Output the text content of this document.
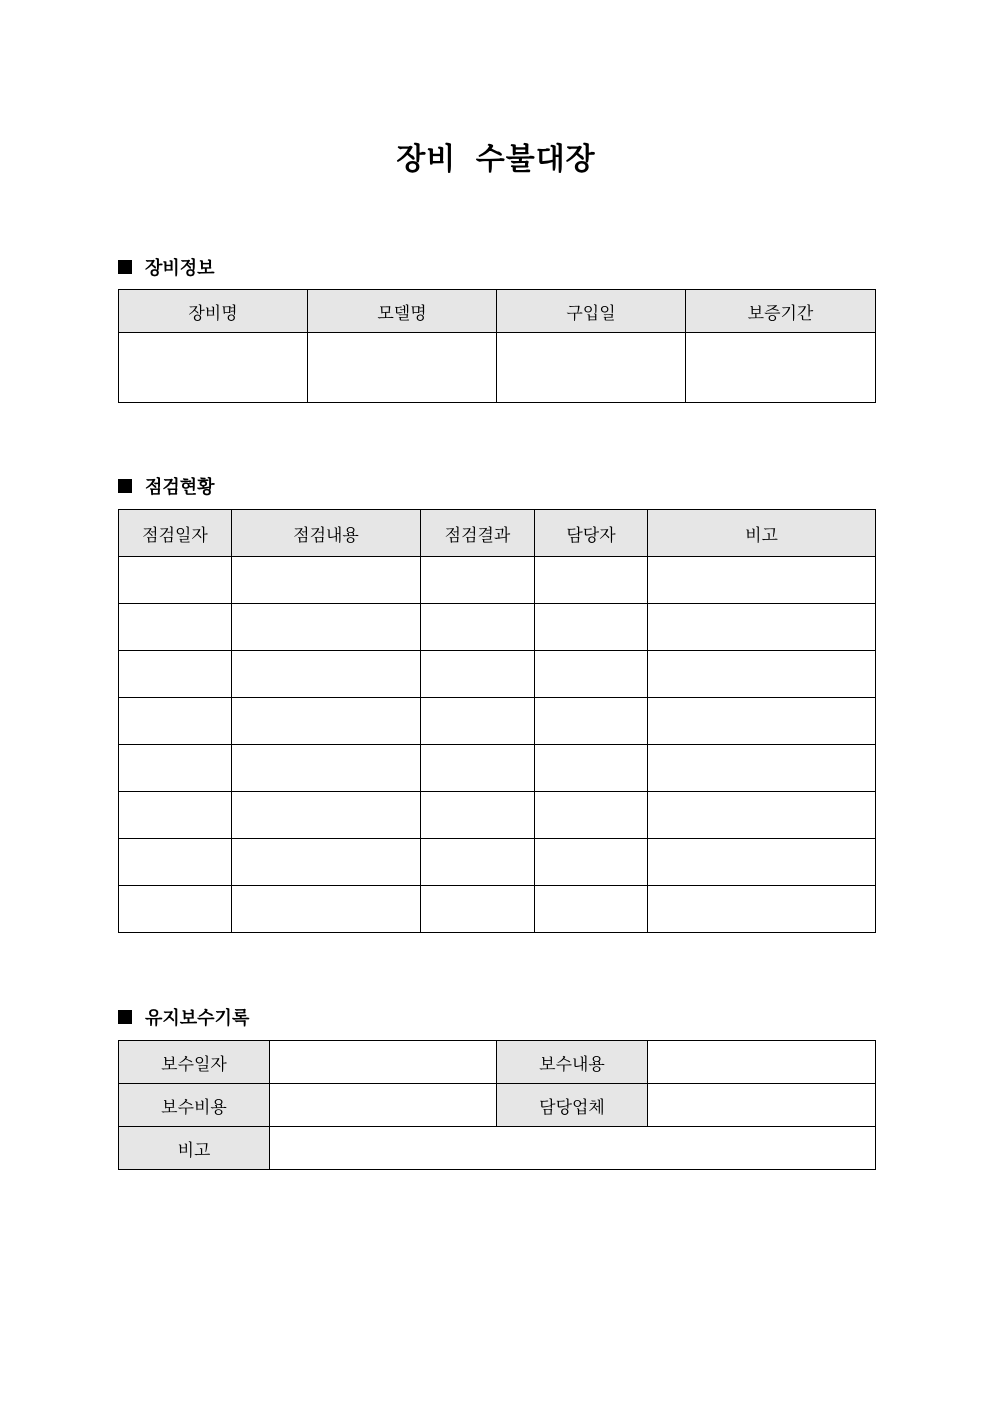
장비 수불대장
장비정보
장비명	모델명	구입일	보증기간

점검현황
점검일자	점검내용	점검결과	담당자	비고

유지보수기록
보수일자		보수내용	
보수비용		담당업체	
비고			
